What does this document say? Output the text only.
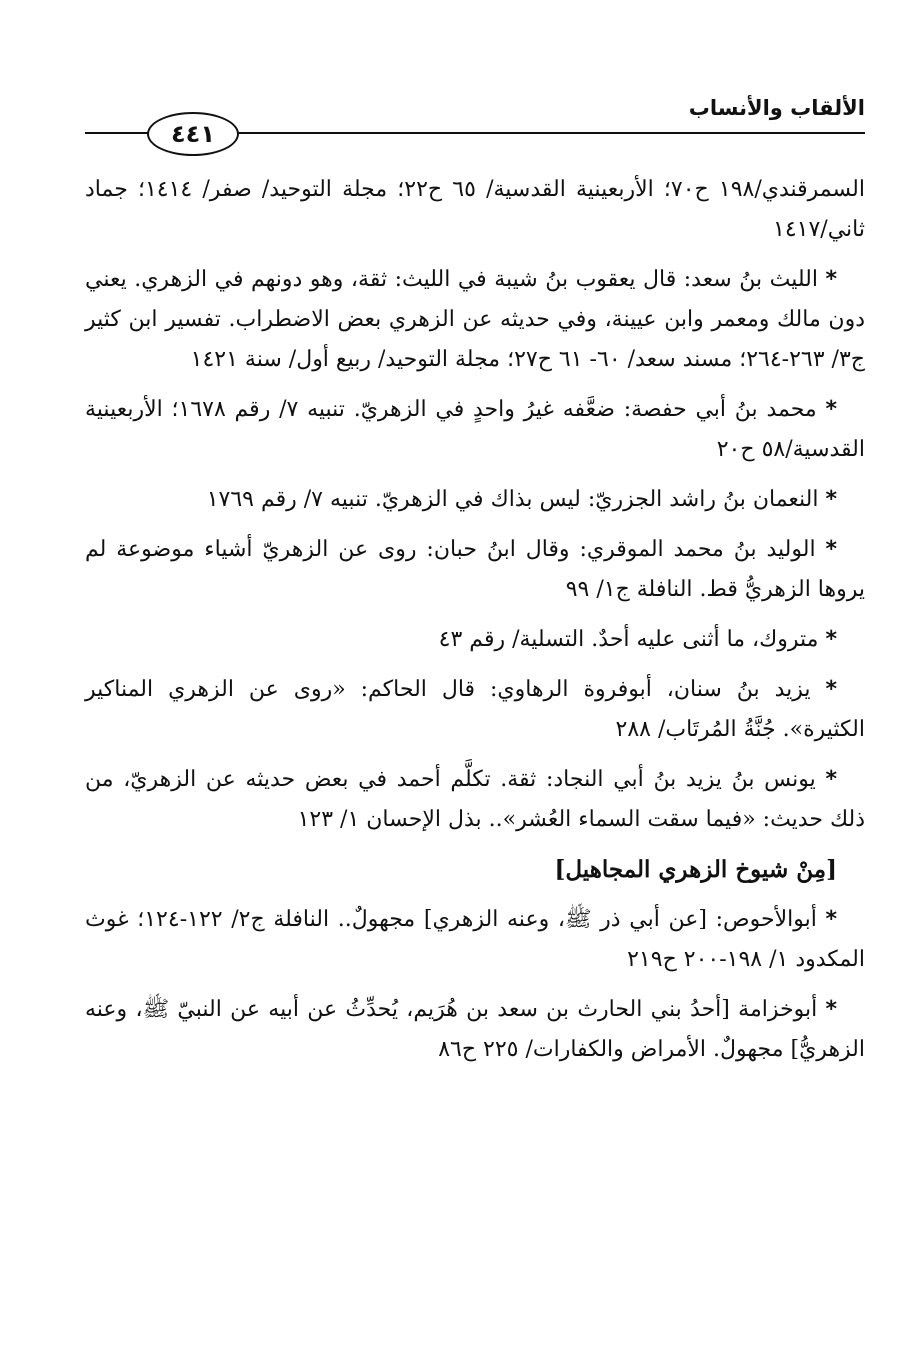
٤٤١
الألقاب والأنساب

السمرقندي/١٩٨ ح٧٠؛ الأربعينية القدسية/ ٦٥ ح٢٢؛ مجلة التوحيد/ صفر/ ١٤١٤؛ جماد ثاني/١٤١٧

* الليث بنُ سعد: قال يعقوب بنُ شيبة في الليث: ثقة، وهو دونهم في الزهري. يعني دون مالك ومعمر وابن عيينة، وفي حديثه عن الزهري بعض الاضطراب. تفسير ابن كثير ج٣/ ٢٦٣-٢٦٤؛ مسند سعد/ ٦٠- ٦١ ح٢٧؛ مجلة التوحيد/ ربيع أول/ سنة ١٤٢١

* محمد بنُ أبي حفصة: ضعَّفه غيرُ واحدٍ في الزهريّ. تنبيه ٧/ رقم ١٦٧٨؛ الأربعينية القدسية/٥٨ ح٢٠

* النعمان بنُ راشد الجزريّ: ليس بذاك في الزهريّ. تنبيه ٧/ رقم ١٧٦٩

* الوليد بنُ محمد الموقري: وقال ابنُ حبان: روى عن الزهريّ أشياء موضوعة لم يروها الزهريُّ قط. النافلة ج١/ ٩٩

* متروك، ما أثنى عليه أحدٌ. التسلية/ رقم ٤٣

* يزيد بنُ سنان، أبوفروة الرهاوي: قال الحاكم: «روى عن الزهري المناكير الكثيرة». جُنَّةُ المُرتَاب/ ٢٨٨

* يونس بنُ يزيد بنُ أبي النجاد: ثقة. تكلَّم أحمد في بعض حديثه عن الزهريّ، من ذلك حديث: «فيما سقت السماء العُشر».. بذل الإحسان ١/ ١٢٣

[مِنْ شيوخ الزهري المجاهيل]

* أبوالأحوص: [عن أبي ذر ﷺ، وعنه الزهري] مجهولٌ.. النافلة ج٢/ ١٢٢-١٢٤؛ غوث المكدود ١/ ١٩٨-٢٠٠ ح٢١٩

* أبوخزامة [أحدُ بني الحارث بن سعد بن هُرَيم، يُحدِّثُ عن أبيه عن النبيّ ﷺ، وعنه الزهريُّ] مجهولٌ. الأمراض والكفارات/ ٢٢٥ ح٨٦
